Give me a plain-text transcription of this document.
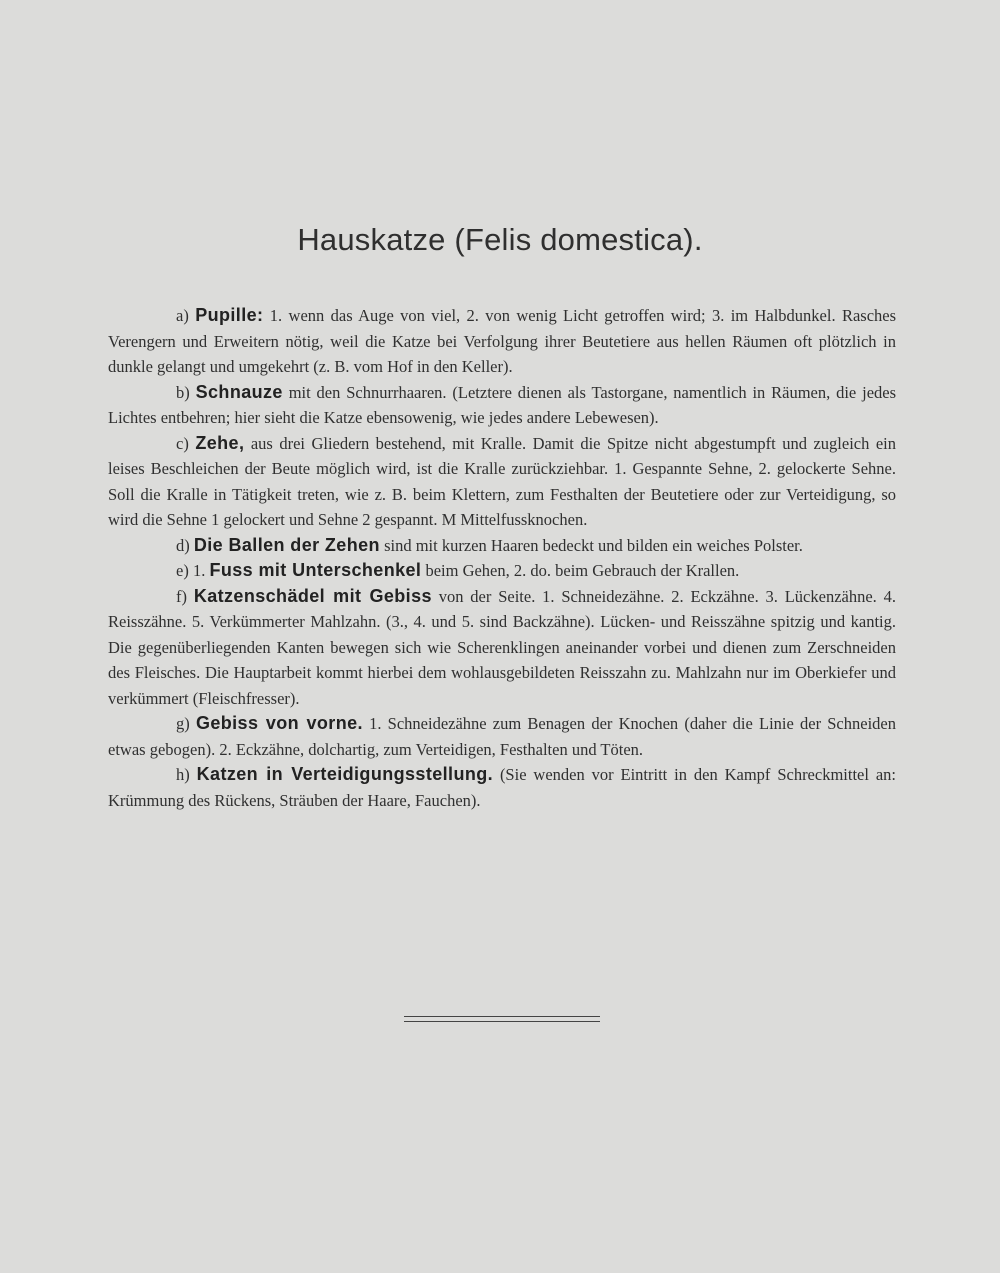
Hauskatze (Felis domestica).

a) Pupille: 1. wenn das Auge von viel, 2. von wenig Licht getroffen wird; 3. im Halbdunkel. Rasches Verengern und Erweitern nötig, weil die Katze bei Verfolgung ihrer Beutetiere aus hellen Räumen oft plötzlich in dunkle gelangt und umgekehrt (z. B. vom Hof in den Keller).

b) Schnauze mit den Schnurrhaaren. (Letztere dienen als Tastorgane, namentlich in Räumen, die jedes Lichtes entbehren; hier sieht die Katze ebensowenig, wie jedes andere Lebewesen).

c) Zehe, aus drei Gliedern bestehend, mit Kralle. Damit die Spitze nicht abgestumpft und zugleich ein leises Beschleichen der Beute möglich wird, ist die Kralle zurückziehbar. 1. Gespannte Sehne, 2. gelockerte Sehne. Soll die Kralle in Tätigkeit treten, wie z. B. beim Klettern, zum Festhalten der Beutetiere oder zur Verteidigung, so wird die Sehne 1 gelockert und Sehne 2 gespannt. M Mittelfussknochen.

d) Die Ballen der Zehen sind mit kurzen Haaren bedeckt und bilden ein weiches Polster.

e) 1. Fuss mit Unterschenkel beim Gehen, 2. do. beim Gebrauch der Krallen.

f) Katzenschädel mit Gebiss von der Seite. 1. Schneidezähne. 2. Eckzähne. 3. Lückenzähne. 4. Reisszähne. 5. Verkümmerter Mahlzahn. (3., 4. und 5. sind Backzähne). Lücken- und Reisszähne spitzig und kantig. Die gegenüberliegenden Kanten bewegen sich wie Scherenklingen aneinander vorbei und dienen zum Zerschneiden des Fleisches. Die Hauptarbeit kommt hierbei dem wohlausgebildeten Reisszahn zu. Mahlzahn nur im Oberkiefer und verkümmert (Fleischfresser).

g) Gebiss von vorne. 1. Schneidezähne zum Benagen der Knochen (daher die Linie der Schneiden etwas gebogen). 2. Eckzähne, dolchartig, zum Verteidigen, Festhalten und Töten.

h) Katzen in Verteidigungsstellung. (Sie wenden vor Eintritt in den Kampf Schreckmittel an: Krümmung des Rückens, Sträuben der Haare, Fauchen).
